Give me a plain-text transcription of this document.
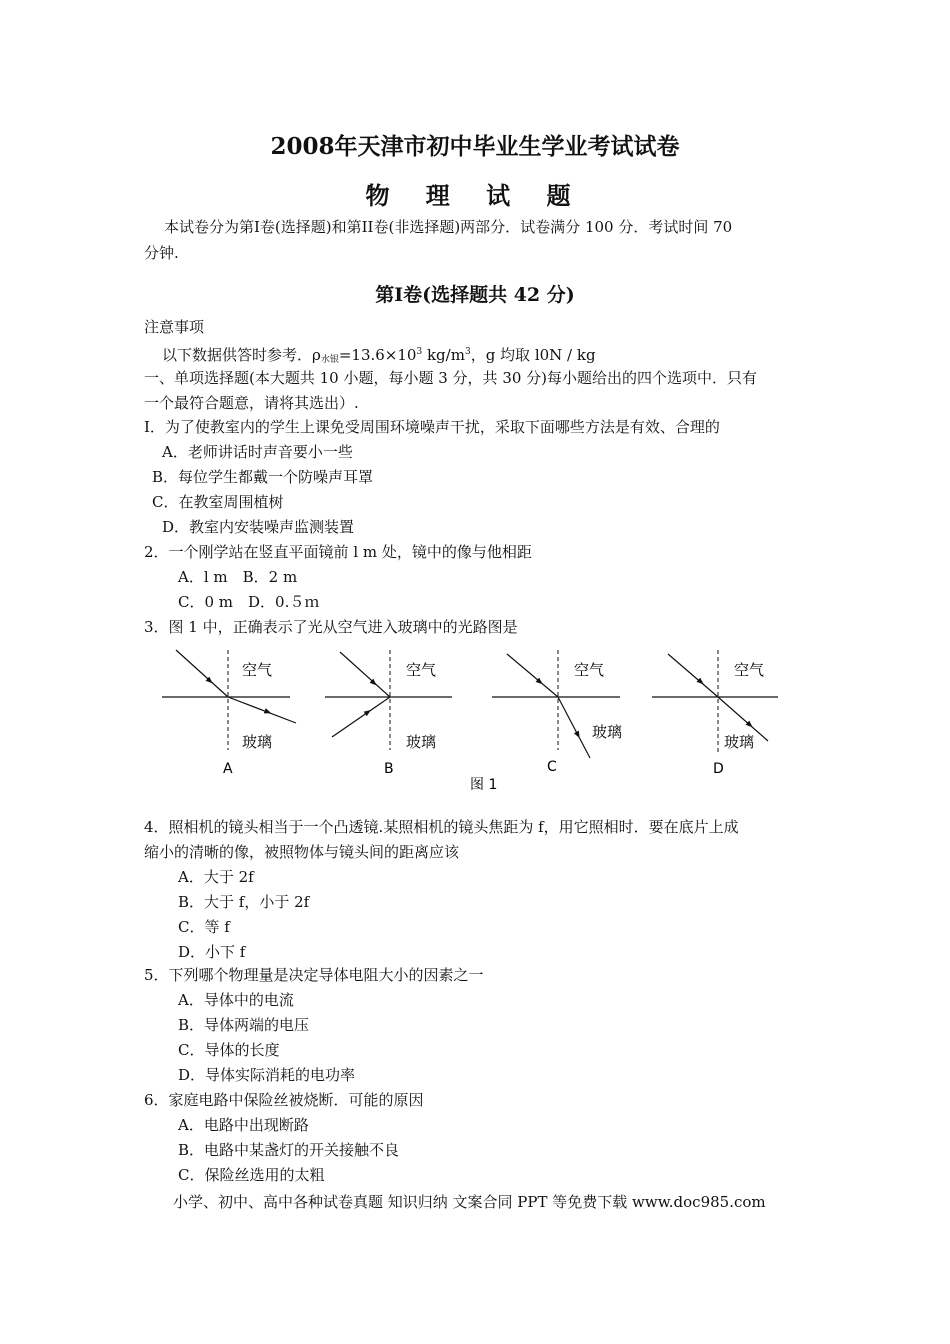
2008年天津市初中毕业生学业考试试卷
物 理 试 题
本试卷分为第Ⅰ卷(选择题)和第II卷(非选择题)两部分．试卷满分 100 分．考试时间 70
分钟.
第Ⅰ卷(选择题共 42 分)
注意事项
以下数据供答时参考．$\rho_{水银}=13.6\times 10^3$ $kg/m^3$，g 均取 l0N / kg
一、单项选择题(本大题共 10 小题，每小题 3 分，共 30 分)每小题给出的四个选项中．只有
一个最符合题意，请将其选出）.
I．为了使教室内的学生上课免受周围环境噪声干扰，采取下面哪些方法是有效、合理的
A．老师讲话时声音要小一些
B．每位学生都戴一个防噪声耳罩
C．在教室周围植树
D．教室内安装噪声监测装置
2．一个刚学站在竖直平面镜前 l m 处，镜中的像与他相距
A．l m　B．2 m
C．0 m　D．0.５ｍ
3．图 1 中，正确表示了光从空气进入玻璃中的光路图是
空气
玻璃
A
空气
玻璃
B
空气
玻璃
C
空气
玻璃
D
图 1
4．照相机的镜头相当于一个凸透镜.某照相机的镜头焦距为 f，用它照相时．要在底片上成
缩小的清晰的像，被照物体与镜头间的距离应该
A．大于 2f
B．大于 f，小于 2f
C．等 f
D．小下 f
5．下列哪个物理量是决定导体电阻大小的因素之一
A．导体中的电流
B．导体两端的电压
C．导体的长度
D．导体实际消耗的电功率
6．家庭电路中保险丝被烧断．可能的原因
A．电路中出现断路
B．电路中某盏灯的开关接触不良
C．保险丝选用的太粗
小学、初中、高中各种试卷真题 知识归纳 文案合同 PPT 等免费下载 www.doc985.com
